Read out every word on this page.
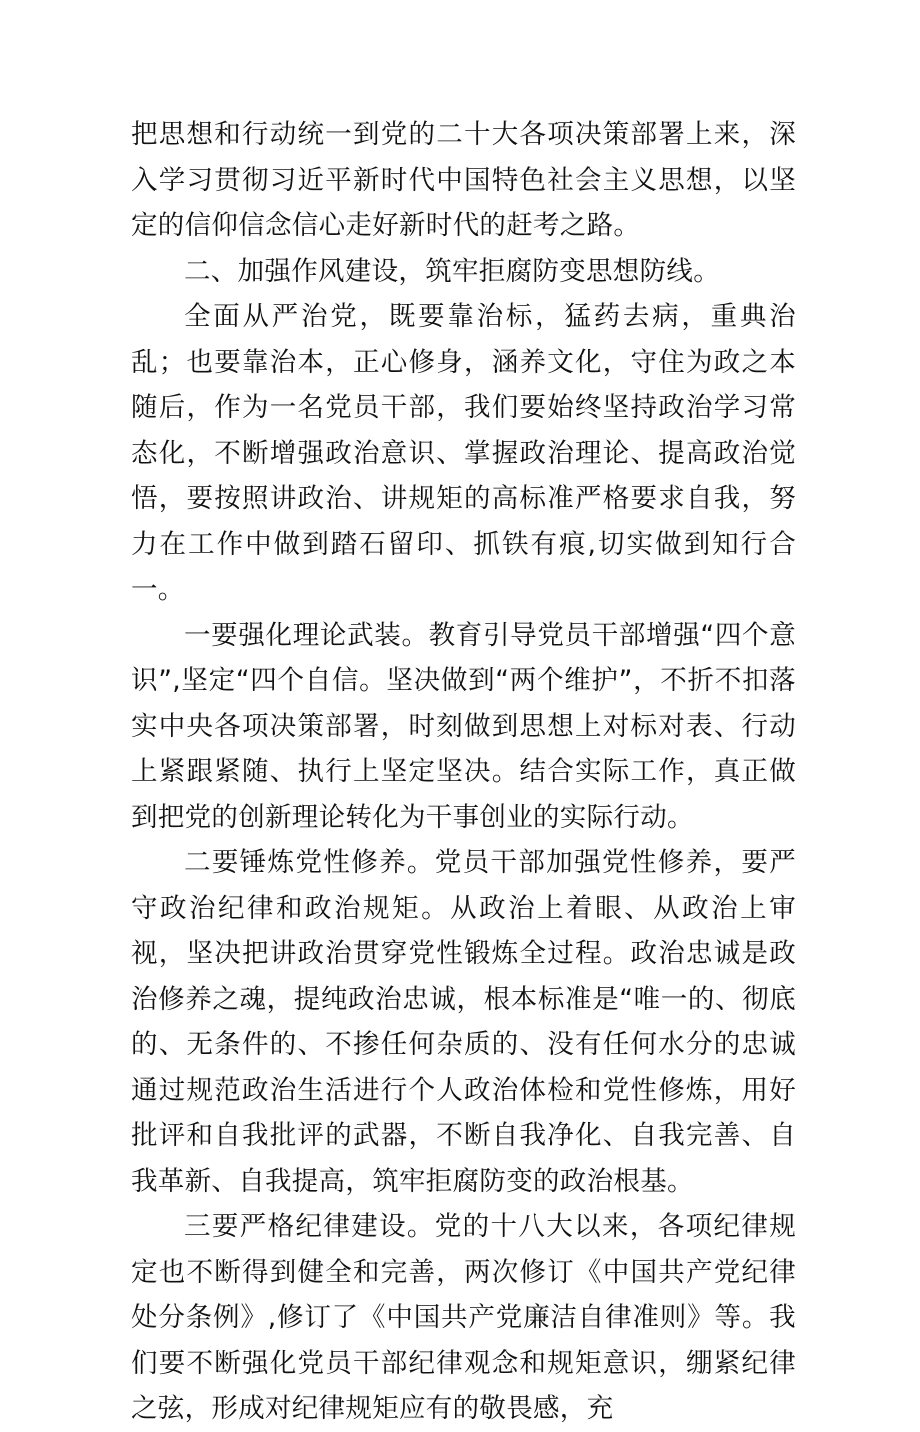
把思想和行动统一到党的二十大各项决策部署上来，深入学习贯彻习近平新时代中国特色社会主义思想，以坚定的信仰信念信心走好新时代的赶考之路。

二、加强作风建设，筑牢拒腐防变思想防线。

全面从严治党，既要靠治标，猛药去病，重典治乱；也要靠治本，正心修身，涵养文化，守住为政之本随后，作为一名党员干部，我们要始终坚持政治学习常态化，不断增强政治意识、掌握政治理论、提高政治觉悟，要按照讲政治、讲规矩的高标准严格要求自我，努力在工作中做到踏石留印、抓铁有痕,切实做到知行合一。

一要强化理论武装。教育引导党员干部增强“四个意识”,坚定“四个自信。坚决做到“两个维护”，不折不扣落实中央各项决策部署，时刻做到思想上对标对表、行动上紧跟紧随、执行上坚定坚决。结合实际工作，真正做到把党的创新理论转化为干事创业的实际行动。

二要锤炼党性修养。党员干部加强党性修养，要严守政治纪律和政治规矩。从政治上着眼、从政治上审视，坚决把讲政治贯穿党性锻炼全过程。政治忠诚是政治修养之魂，提纯政治忠诚，根本标准是“唯一的、彻底的、无条件的、不掺任何杂质的、没有任何水分的忠诚通过规范政治生活进行个人政治体检和党性修炼，用好批评和自我批评的武器，不断自我净化、自我完善、自我革新、自我提高，筑牢拒腐防变的政治根基。

三要严格纪律建设。党的十八大以来，各项纪律规定也不断得到健全和完善，两次修订《中国共产党纪律处分条例》,修订了《中国共产党廉洁自律准则》等。我们要不断强化党员干部纪律观念和规矩意识，绷紧纪律之弦，形成对纪律规矩应有的敬畏感，充
